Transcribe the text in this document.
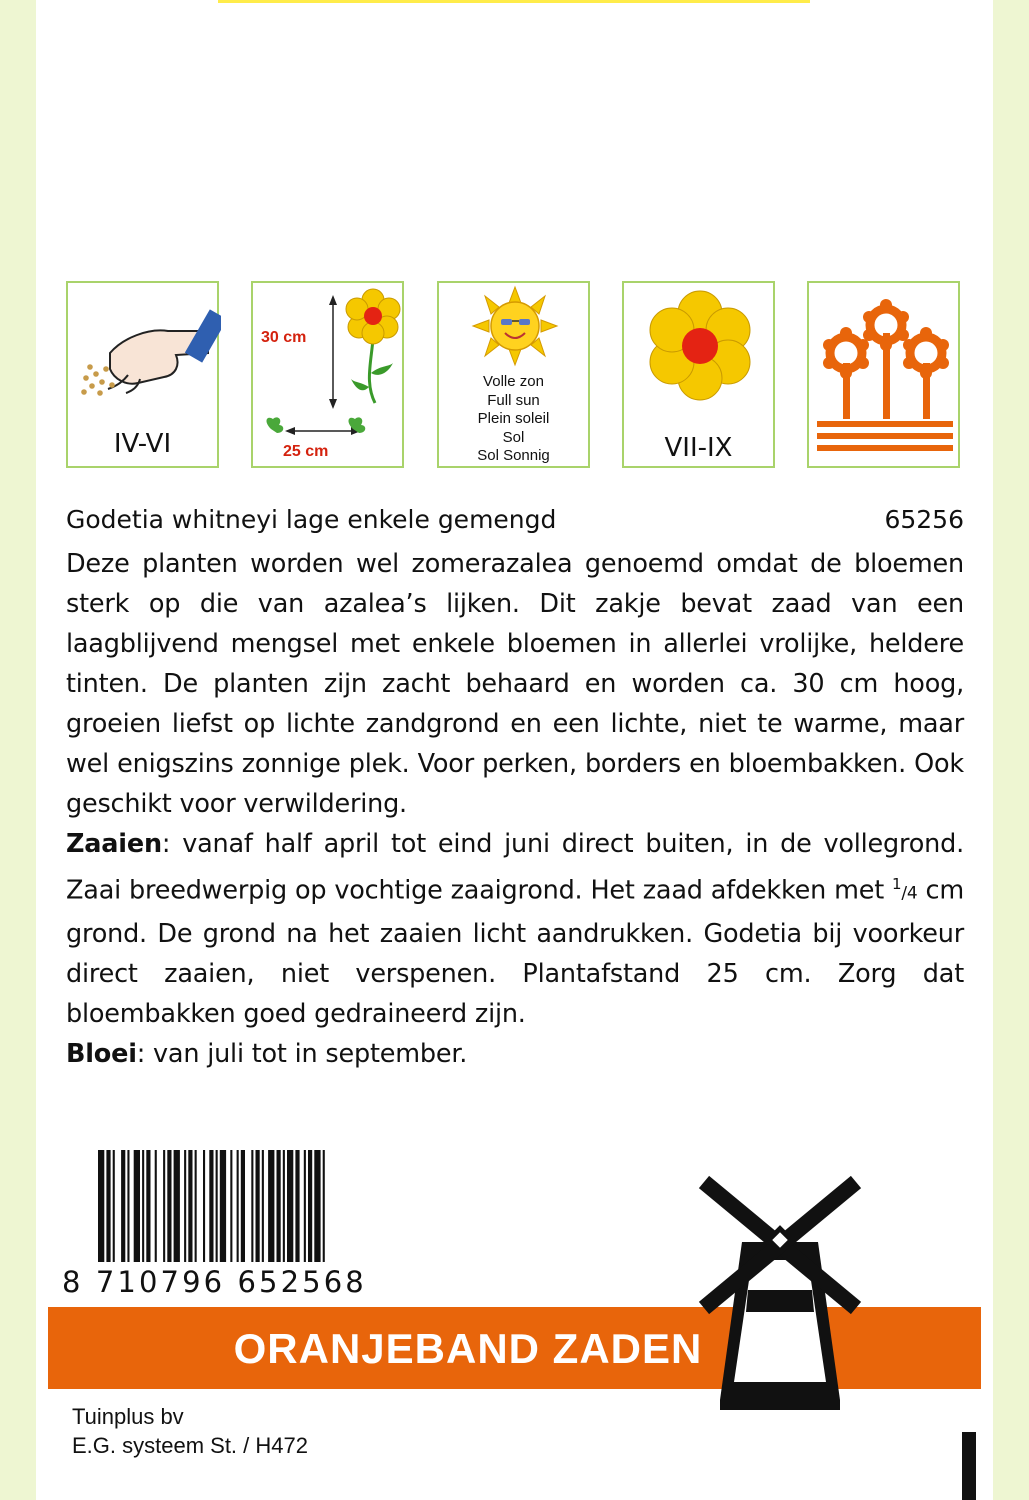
IV-VI
30 cm
25 cm
Volle zon
Full sun
Plein soleil
Sol
Sol Sonnig	VII-IX
Godetia whitneyi lage enkele gemengd	65256

Deze planten worden wel zomerazalea genoemd omdat de bloemen sterk op die van azalea’s lijken. Dit zakje bevat zaad van een laagblijvend mengsel met enkele bloemen in allerlei vrolijke, heldere tinten. De planten zijn zacht behaard en worden ca. 30 cm hoog, groeien liefst op lichte zandgrond en een lichte, niet te warme, maar wel enigszins zonnige plek. Voor perken, borders en bloembakken. Ook geschikt voor verwildering.

Zaaien: vanaf half april tot eind juni direct buiten, in de vollegrond. Zaai breedwerpig op vochtige zaaigrond. Het zaad afdekken met $^1$/4 cm grond. De grond na het zaaien licht aandrukken. Godetia bij voorkeur direct zaaien, niet verspenen. Plantafstand 25 cm. Zorg dat bloembakken goed gedraineerd zijn.

Bloei: van juli tot in september.

8 710796 652568
ORANJEBAND ZADEN
Tuinplus bv
E.G. systeem St. / H472
